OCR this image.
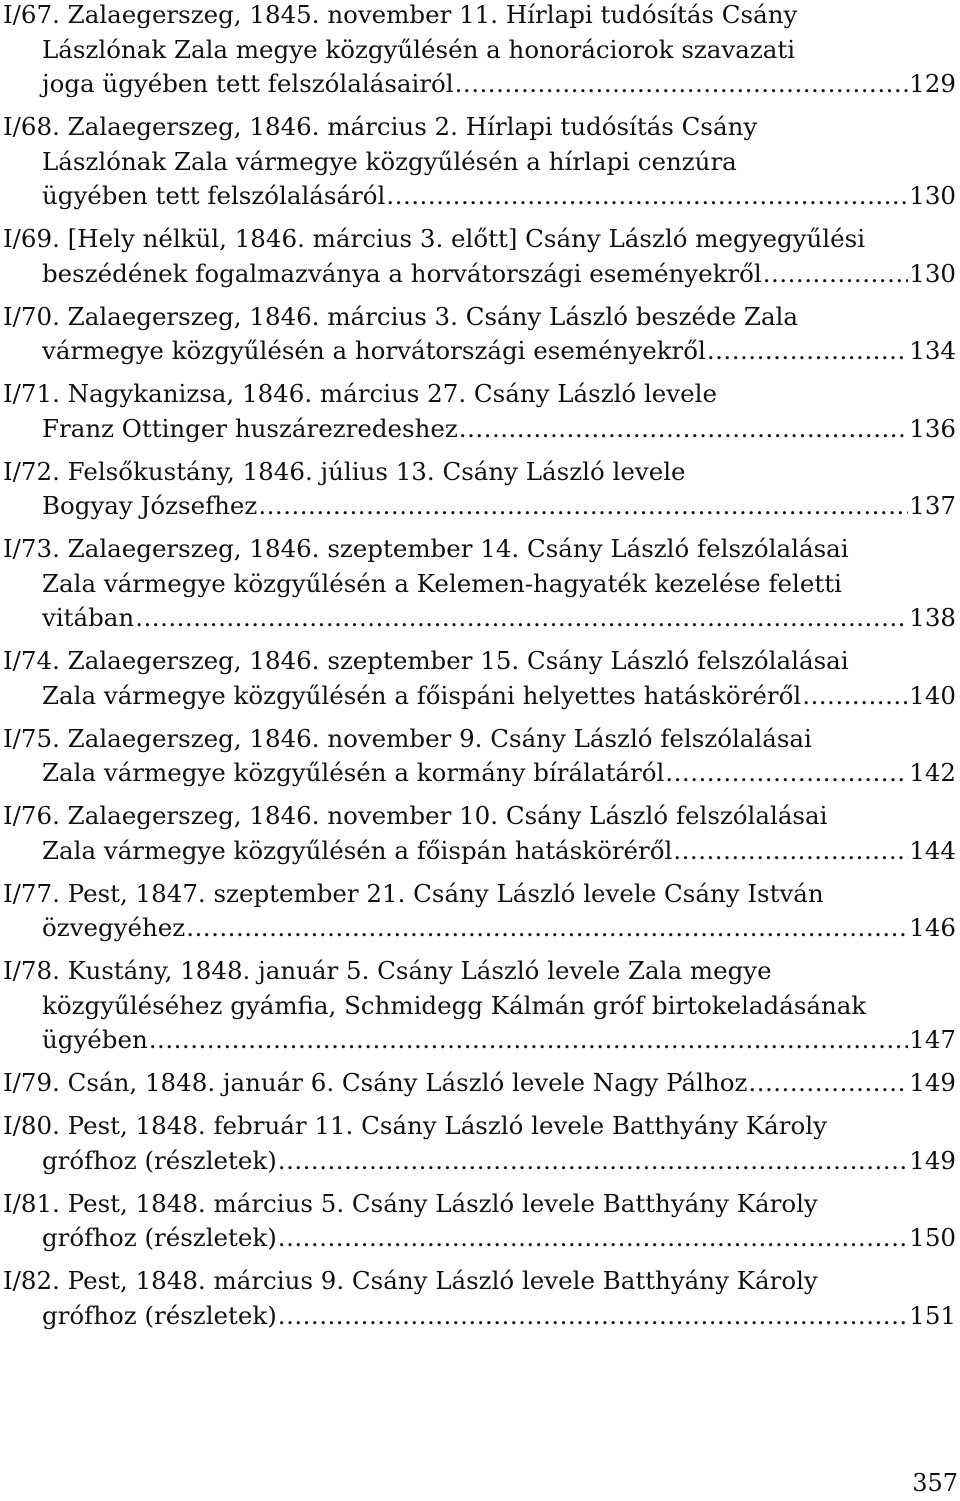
I/67. Zalaegerszeg, 1845. november 11. Hírlapi tudósítás Csány
Lászlónak Zala megye közgyűlésén a honoráciorok szavazati
joga ügyében tett felszólalásairól .....	129
I/68. Zalaegerszeg, 1846. március 2. Hírlapi tudósítás Csány
Lászlónak Zala vármegye közgyűlésén a hírlapi cenzúra
ügyében tett felszólalásáról .....	130
I/69. [Hely nélkül, 1846. március 3. előtt] Csány László megyegyűlési
beszédének fogalmazványa a horvátországi eseményekről .....	130
I/70. Zalaegerszeg, 1846. március 3. Csány László beszéde Zala
vármegye közgyűlésén a horvátországi eseményekről .....	134
I/71. Nagykanizsa, 1846. március 27. Csány László levele
Franz Ottinger huszárezredeshez .....	136
I/72. Felsőkustány, 1846. július 13. Csány László levele
Bogyay Józsefhez .....	137
I/73. Zalaegerszeg, 1846. szeptember 14. Csány László felszólalásai
Zala vármegye közgyűlésén a Kelemen-hagyaték kezelése feletti
vitában .....	138
I/74. Zalaegerszeg, 1846. szeptember 15. Csány László felszólalásai
Zala vármegye közgyűlésén a főispáni helyettes hatásköréről .....	140
I/75. Zalaegerszeg, 1846. november 9. Csány László felszólalásai
Zala vármegye közgyűlésén a kormány bírálatáról .....	142
I/76. Zalaegerszeg, 1846. november 10. Csány László felszólalásai
Zala vármegye közgyűlésén a főispán hatásköréről .....	144
I/77. Pest, 1847. szeptember 21. Csány László levele Csány István
özvegyéhez .....	146
I/78. Kustány, 1848. január 5. Csány László levele Zala megye
közgyűléséhez gyámfia, Schmidegg Kálmán gróf birtokeladásának
ügyében .....	147
I/79. Csán, 1848. január 6. Csány László levele Nagy Pálhoz .....	149
I/80. Pest, 1848. február 11. Csány László levele Batthyány Károly
grófhoz (részletek) .....	149
I/81. Pest, 1848. március 5. Csány László levele Batthyány Károly
grófhoz (részletek) .....	150
I/82. Pest, 1848. március 9. Csány László levele Batthyány Károly
grófhoz (részletek) .....	151
357
